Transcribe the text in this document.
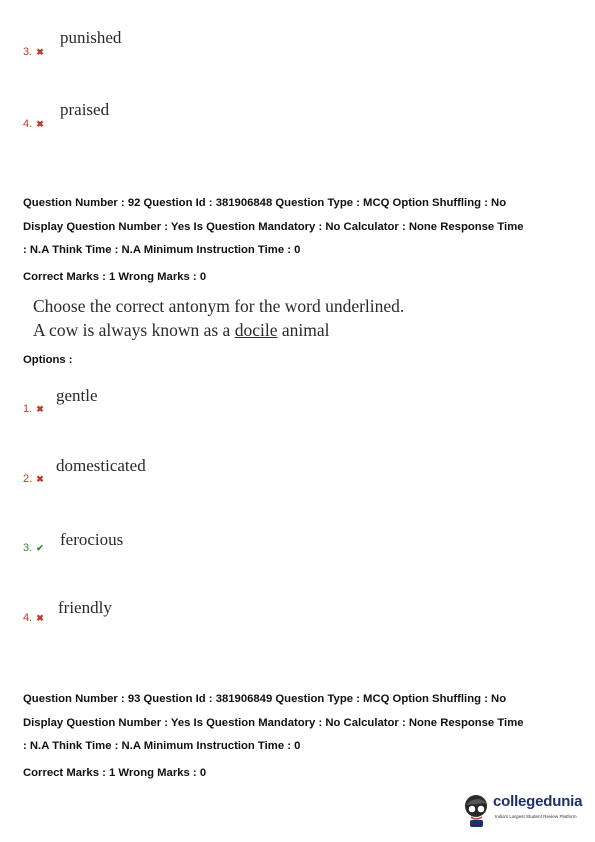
3. ✖
punished
4. ✖
praised

Question Number : 92 Question Id : 381906848 Question Type : MCQ Option Shuffling : No

Display Question Number : Yes Is Question Mandatory : No Calculator : None Response Time

: N.A Think Time : N.A Minimum Instruction Time : 0

Correct Marks : 1 Wrong Marks : 0

Choose the correct antonym for the word underlined.

A cow is always known as a docile animal

Options :
1. ✖
gentle
2. ✖
domesticated
3. ✔ ferocious
4. ✖
friendly

Question Number : 93 Question Id : 381906849 Question Type : MCQ Option Shuffling : No

Display Question Number : Yes Is Question Mandatory : No Calculator : None Response Time

: N.A Think Time : N.A Minimum Instruction Time : 0

Correct Marks : 1 Wrong Marks : 0

collegedunia
India's Largest Student Review Platform
